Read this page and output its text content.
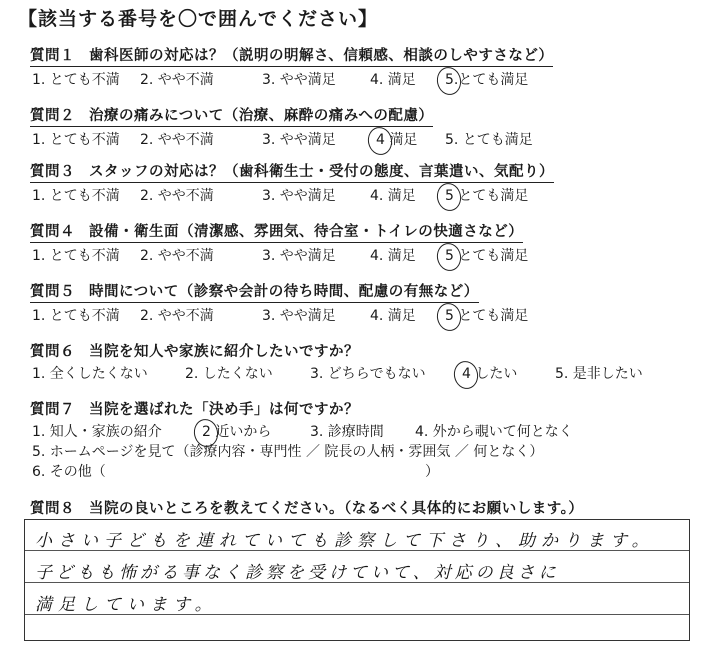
【該当する番号を〇で囲んでください】
質問１ 歯科医師の対応は？（説明の明解さ、信頼感、相談のしやすさなど）
1. とても不満 2. やや不満	3. やや満足 4. 満足 5.
とても満足
質問２ 治療の痛みについて（治療、麻酔の痛みへの配慮）
1. とても不満 2. やや不満	3. やや満足	4 満足 5. とても満足
質問３ スタッフの対応は？（歯科衛生士・受付の態度、言葉遣い、気配り）
1. とても不満 2. やや不満	3. やや満足 4. 満足 5 とても満足
質問４ 設備・衛生面（清潔感、雰囲気、待合室・トイレの快適さなど）
1. とても不満 2. やや不満	3. やや満足 4. 満足 5 とても満足
質問５ 時間について（診察や会計の待ち時間、配慮の有無など）
1. とても不満 2. やや不満	3. やや満足 4. 満足 5 とても満足
質問６ 当院を知人や家族に紹介したいですか？
1. 全くしたくない	2. したくない	3. どちらでもない	4 したい	5. 是非したい
質問７ 当院を選ばれた「決め手」は何ですか？
1. 知人・家族の紹介	2 近いから	3. 診療時間 4. 外から覗いて何となく
5. ホームページを見て（診療内容・専門性 ／ 院長の人柄・雰囲気 ／ 何となく）
6. その他（	）
質問８ 当院の良いところを教えてください。（なるべく具体的にお願いします。）
小さい子どもを連れていても診察して下さり、助かります。
子どもも怖がる事なく診察を受けていて、対応の良さに
満足しています。
